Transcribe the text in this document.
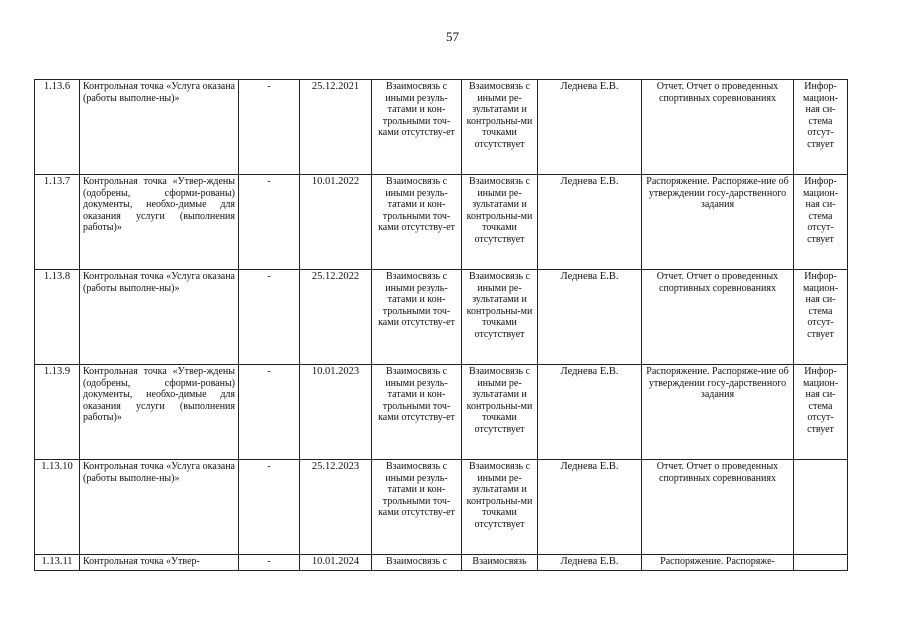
57
1.13.6	Контрольная точка «Услуга оказана (работы выполне-ны)»	-	25.12.2021	Взаимосвязь с иными резуль-татами и кон-трольными точ-ками отсутству-ет	Взаимосвязь с иными ре-зультатами и контрольны-ми точками отсутствует	Леднева Е.В.	Отчет. Отчет о проведенных спортивных соревнованиях	Инфор-мацион-ная си-стема отсут-ствует
1.13.7	Контрольная точка «Утвер-ждены (одобрены, сформи-рованы) документы, необхо-димые для оказания услуги (выполнения работы)»	-	10.01.2022	Взаимосвязь с иными резуль-татами и кон-трольными точ-ками отсутству-ет	Взаимосвязь с иными ре-зультатами и контрольны-ми точками отсутствует	Леднева Е.В.	Распоряжение. Распоряже-ние об утверждении госу-дарственного задания	Инфор-мацион-ная си-стема отсут-ствует
1.13.8	Контрольная точка «Услуга оказана (работы выполне-ны)»	-	25.12.2022	Взаимосвязь с иными резуль-татами и кон-трольными точ-ками отсутству-ет	Взаимосвязь с иными ре-зультатами и контрольны-ми точками отсутствует	Леднева Е.В.	Отчет. Отчет о проведенных спортивных соревнованиях	Инфор-мацион-ная си-стема отсут-ствует
1.13.9	Контрольная точка «Утвер-ждены (одобрены, сформи-рованы) документы, необхо-димые для оказания услуги (выполнения работы)»	-	10.01.2023	Взаимосвязь с иными резуль-татами и кон-трольными точ-ками отсутству-ет	Взаимосвязь с иными ре-зультатами и контрольны-ми точками отсутствует	Леднева Е.В.	Распоряжение. Распоряже-ние об утверждении госу-дарственного задания	Инфор-мацион-ная си-стема отсут-ствует
1.13.10	Контрольная точка «Услуга оказана (работы выполне-ны)»	-	25.12.2023	Взаимосвязь с иными резуль-татами и кон-трольными точ-ками отсутству-ет	Взаимосвязь с иными ре-зультатами и контрольны-ми точками отсутствует	Леднева Е.В.	Отчет. Отчет о проведенных спортивных соревнованиях	
1.13.11	Контрольная точка «Утвер-	-	10.01.2024	Взаимосвязь с	Взаимосвязь	Леднева Е.В.	Распоряжение. Распоряже-	
